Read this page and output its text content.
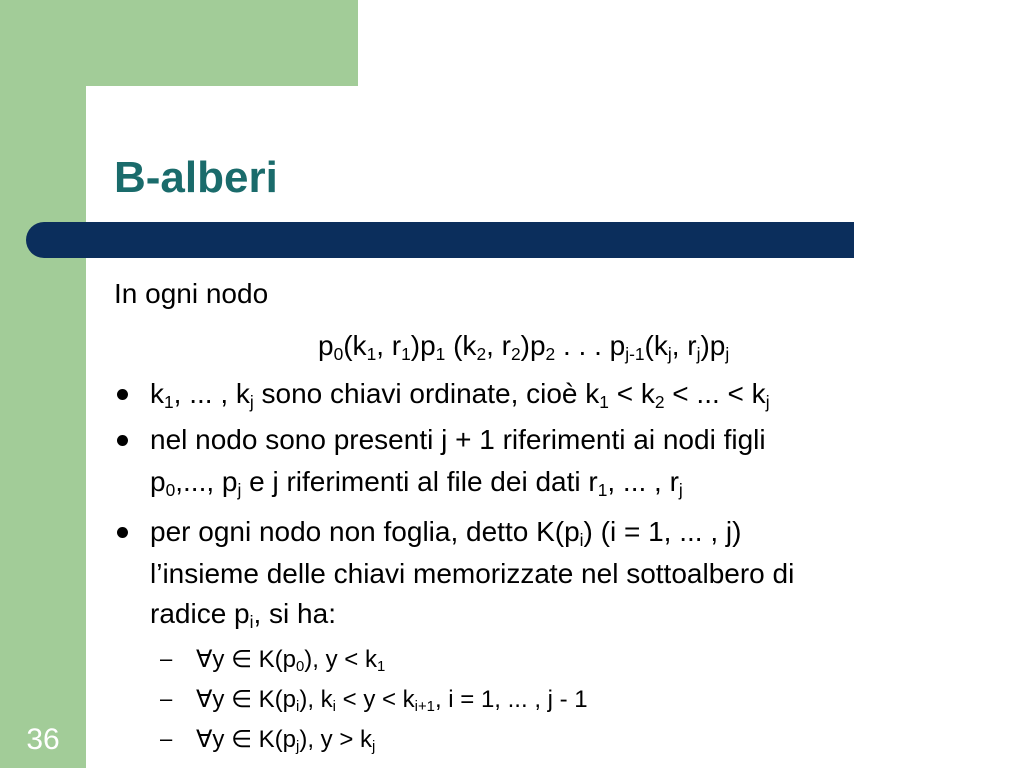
36
B-alberi
In ogni nodo
$p_0(k_1$, $r_1)p_1$ ($k_2$, $r_2)p_2$ . . . $p_{j-1}(k_j$, $r_j)p_j$
$k_1$, ... , $k_j$ sono chiavi ordinate, cioè $k_1 < k_2$ < ... < $k_j$
nel nodo sono presenti j + 1 riferimenti ai nodi figli
$p_0$,..., $p_j$ e j riferimenti al file dei dati $r_1$, ... , $r_j$
per ogni nodo non foglia, detto $K(p_i) (i = 1$, ... , j)
l’insieme delle chiavi memorizzate nel sottoalbero di
radice $p_i$, si ha:
– ∀y ∈ $K(p_0)$, $y < k_1$
– ∀y ∈ $K(p_i)$, $k_i < y < k_{i+1}$, i = 1, ... , j - 1
– ∀y ∈ $K(p_j)$, $y > k_j$
